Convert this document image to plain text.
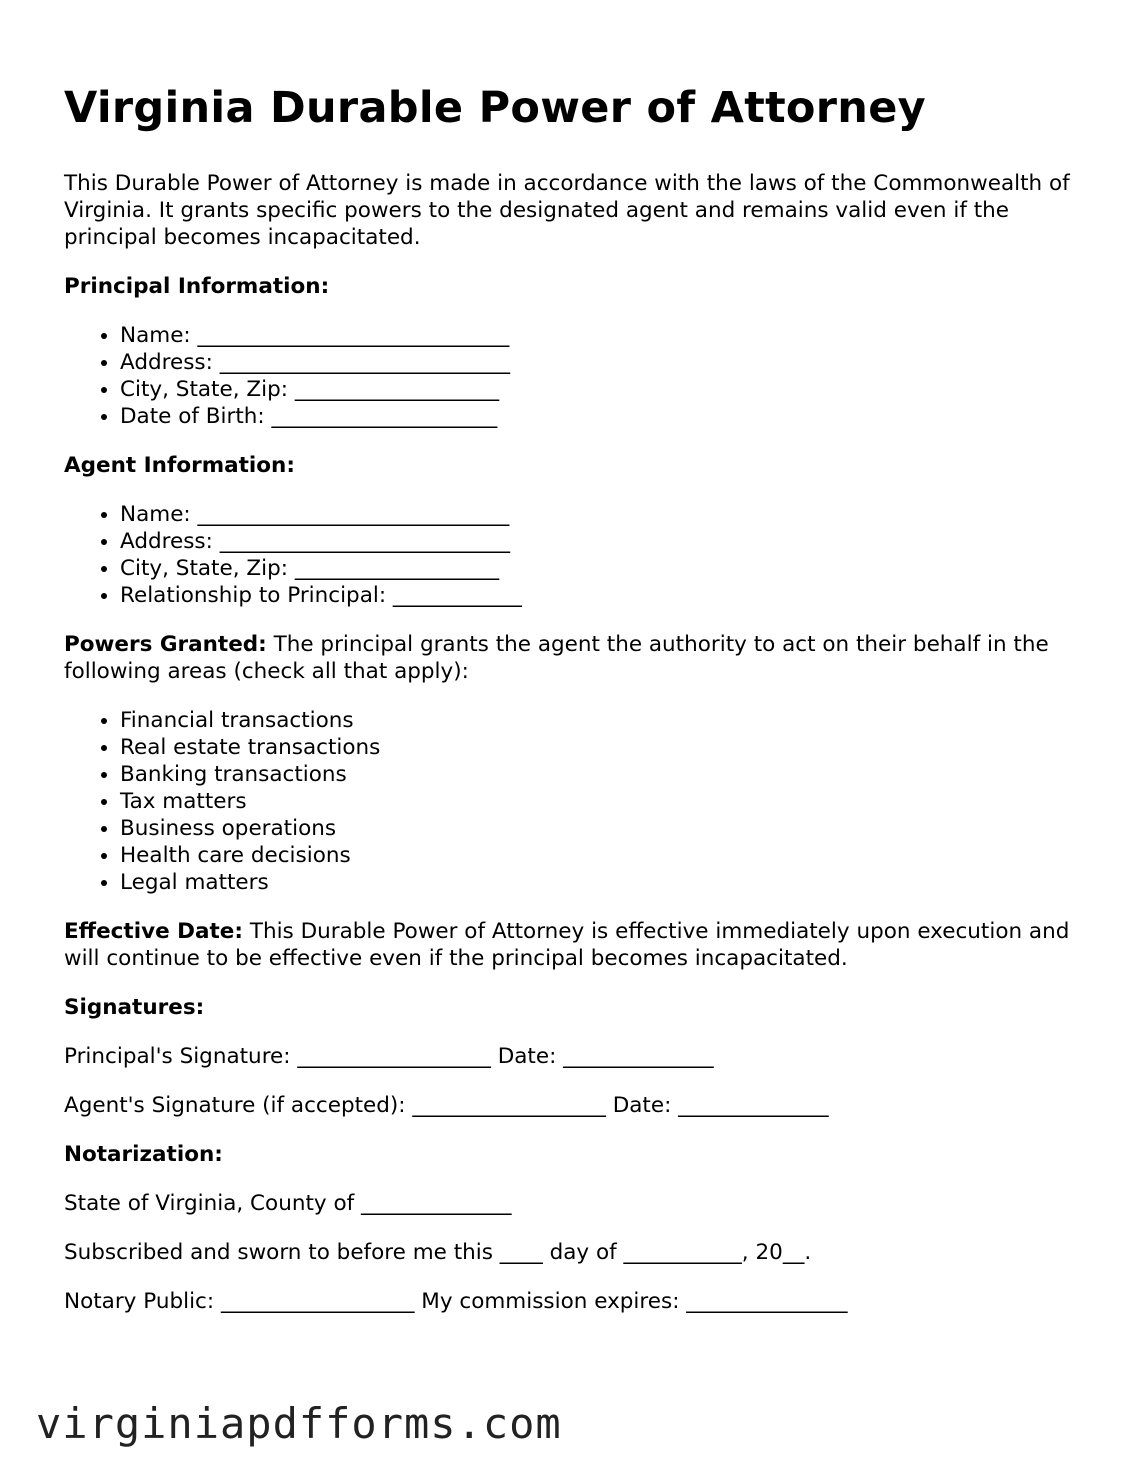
Virginia Durable Power of Attorney

This Durable Power of Attorney is made in accordance with the laws of the Commonwealth of Virginia. It grants specific powers to the designated agent and remains valid even if the principal becomes incapacitated.

Principal Information:

• Name: _____________________________
• Address: ___________________________
• City, State, Zip: ___________________
• Date of Birth: _____________________

Agent Information:

• Name: _____________________________
• Address: ___________________________
• City, State, Zip: ___________________
• Relationship to Principal: ____________

Powers Granted: The principal grants the agent the authority to act on their behalf in the following areas (check all that apply):

• Financial transactions
• Real estate transactions
• Banking transactions
• Tax matters
• Business operations
• Health care decisions
• Legal matters

Effective Date: This Durable Power of Attorney is effective immediately upon execution and will continue to be effective even if the principal becomes incapacitated.

Signatures:

Principal's Signature: __________________ Date: ______________

Agent's Signature (if accepted): __________________ Date: ______________

Notarization:

State of Virginia, County of ______________

Subscribed and sworn to before me this ____ day of ___________, 20__.

Notary Public: __________________ My commission expires: _______________

virginiapdfforms.com
